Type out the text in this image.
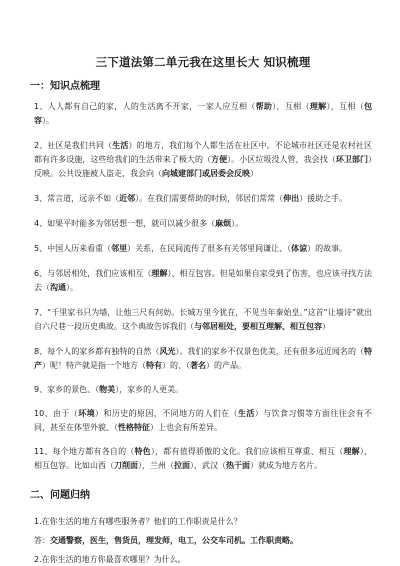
三下道法第二单元我在这里长大 知识梳理
一：知识点梳理
1、人人都有自己的家，人的生活离不开家，一家人应互相（帮助），互相（理解），互相（包容）。
2、社区是我们共同（生活）的地方，我们每个人都生活在社区中。不论城市社区还是农村社区都有许多设施，这些给我们的生活带来了极大的（方便）。小区垃圾没人管，我会找（环卫部门）反映。公共设施被人盗走，我会向（向城建部门或居委会反映）
3、常言道，远亲不如（近邻）。在我们需要帮助的时候，邻居们常常（伸出）援助之手。
4、如果平时能多为邻居想一想，就可以减少很多（麻烦）。
5、中国人历来看重（邻里）关系，在民间流传了很多有关邻里间谦让、（体谅）的故事。
6、与邻居相处，我们应该相互（理解）、相互包容。但是如果自家受到了伤害，也应该寻找方法去（沟通）。
7、“千里家书只为墙，让他三尺有何妨。长城万里今犹在，不见当年秦始皇。”这首“让墙诗”就出自六尺巷一段历史典故。这个典故告诉我们（与邻居相处，要相互理解、相互包容）
8、每个人的家乡都有独特的自然（风光）。我们的家乡不仅景色优美，还有很多远近闻名的（特产）呢！特产就是指一个地方（特有）的、（著名）的产品。
9、家乡的景色、（物美），家乡的人更美。
10、由于（环境）和历史的原因，不同地方的人们在（生活）与饮食习惯等方面往往会有不同，甚至在体型外貌、（性格特征）上也会有所差异。
11、每个地方都有各自的（特色），都有值得骄傲的文化。我们应该相互尊重、相互（理解）、相互包容。比如山西（刀削面），兰州（拉面），武汉（热干面）就成为地方名片。
二、问题归纳
1.在你生活的地方有哪些服务者？他们的工作职责是什么？
答：交通警察，医生，售货员，理发师，电工，公交车司机。工作职责略。
2.在你生活的地方你最喜欢哪里？为什么。
